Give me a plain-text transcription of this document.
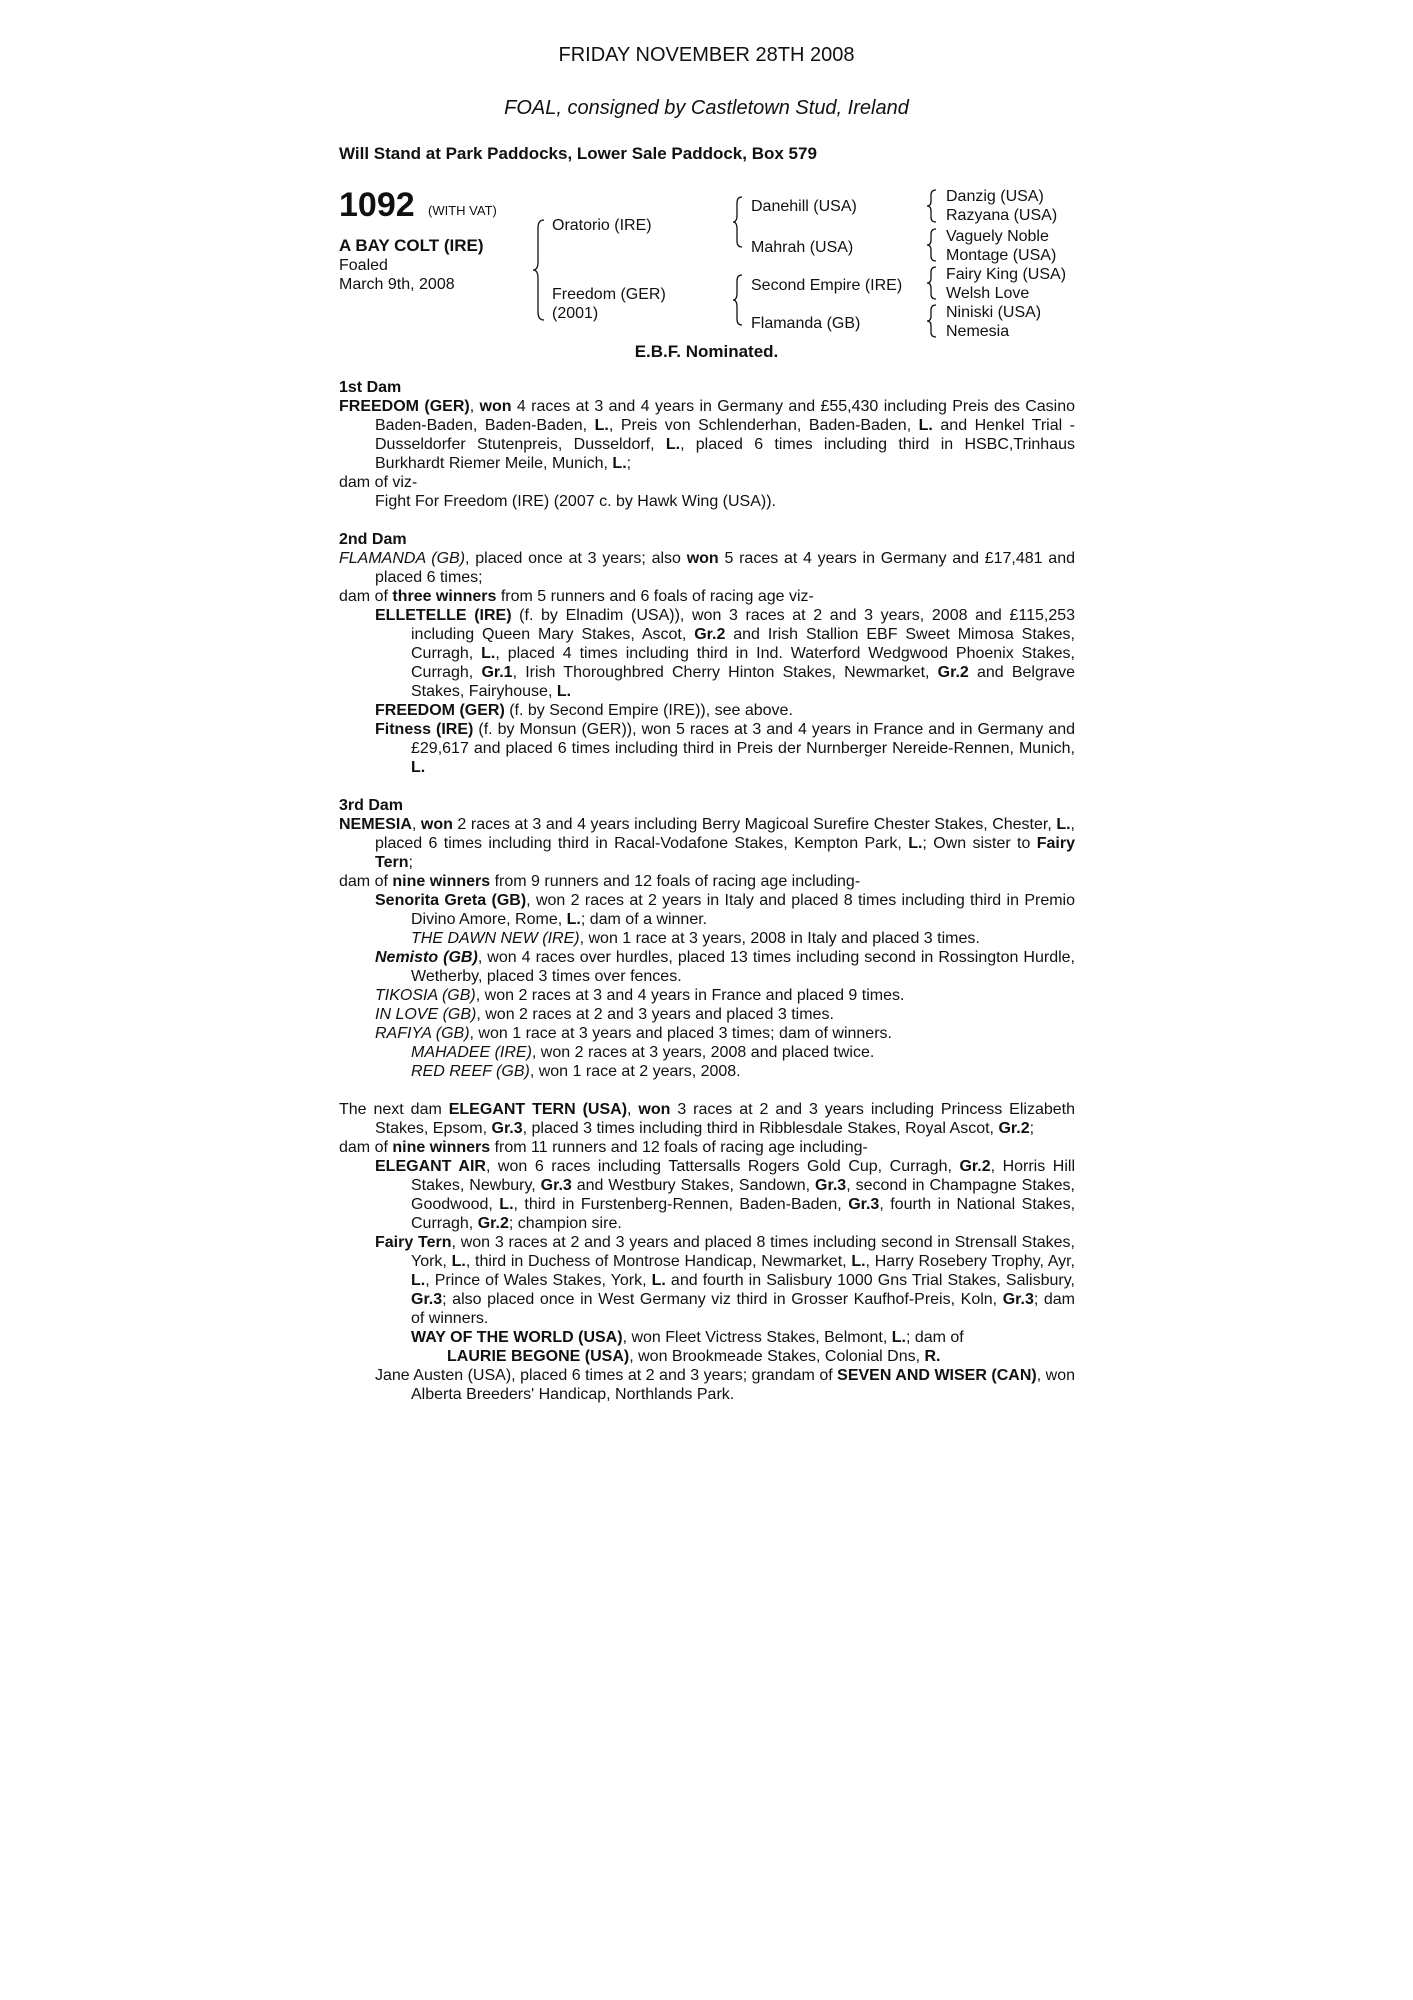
FRIDAY NOVEMBER 28TH 2008
FOAL, consigned by Castletown Stud, Ireland
Will Stand at Park Paddocks, Lower Sale Paddock, Box 579
1092 (WITH VAT)
A BAY COLT (IRE)
Foaled
March 9th, 2008
Oratorio (IRE)
Freedom (GER)
(2001)
Danehill (USA)
Mahrah (USA)
Second Empire (IRE)
Flamanda (GB)
Danzig (USA)
Razyana (USA)
Vaguely Noble
Montage (USA)
Fairy King (USA)
Welsh Love
Niniski (USA)
Nemesia
E.B.F. Nominated.
1st Dam

FREEDOM (GER), won 4 races at 3 and 4 years in Germany and £55,430 including Preis des Casino Baden-Baden, Baden-Baden, L., Preis von Schlenderhan, Baden-Baden, L. and Henkel Trial - Dusseldorfer Stutenpreis, Dusseldorf, L., placed 6 times including third in HSBC,Trinhaus Burkhardt Riemer Meile, Munich, L.;

dam of viz-

Fight For Freedom (IRE) (2007 c. by Hawk Wing (USA)).

2nd Dam

FLAMANDA (GB), placed once at 3 years; also won 5 races at 4 years in Germany and £17,481 and placed 6 times;

dam of three winners from 5 runners and 6 foals of racing age viz-

ELLETELLE (IRE) (f. by Elnadim (USA)), won 3 races at 2 and 3 years, 2008 and £115,253 including Queen Mary Stakes, Ascot, Gr.2 and Irish Stallion EBF Sweet Mimosa Stakes, Curragh, L., placed 4 times including third in Ind. Waterford Wedgwood Phoenix Stakes, Curragh, Gr.1, Irish Thoroughbred Cherry Hinton Stakes, Newmarket, Gr.2 and Belgrave Stakes, Fairyhouse, L.

FREEDOM (GER) (f. by Second Empire (IRE)), see above.

Fitness (IRE) (f. by Monsun (GER)), won 5 races at 3 and 4 years in France and in Germany and £29,617 and placed 6 times including third in Preis der Nurnberger Nereide-Rennen, Munich, L.

3rd Dam

NEMESIA, won 2 races at 3 and 4 years including Berry Magicoal Surefire Chester Stakes, Chester, L., placed 6 times including third in Racal-Vodafone Stakes, Kempton Park, L.; Own sister to Fairy Tern;

dam of nine winners from 9 runners and 12 foals of racing age including-

Senorita Greta (GB), won 2 races at 2 years in Italy and placed 8 times including third in Premio Divino Amore, Rome, L.; dam of a winner.

THE DAWN NEW (IRE), won 1 race at 3 years, 2008 in Italy and placed 3 times.

Nemisto (GB), won 4 races over hurdles, placed 13 times including second in Rossington Hurdle, Wetherby, placed 3 times over fences.

TIKOSIA (GB), won 2 races at 3 and 4 years in France and placed 9 times.

IN LOVE (GB), won 2 races at 2 and 3 years and placed 3 times.

RAFIYA (GB), won 1 race at 3 years and placed 3 times; dam of winners.

MAHADEE (IRE), won 2 races at 3 years, 2008 and placed twice.

RED REEF (GB), won 1 race at 2 years, 2008.

The next dam ELEGANT TERN (USA), won 3 races at 2 and 3 years including Princess Elizabeth Stakes, Epsom, Gr.3, placed 3 times including third in Ribblesdale Stakes, Royal Ascot, Gr.2;

dam of nine winners from 11 runners and 12 foals of racing age including-

ELEGANT AIR, won 6 races including Tattersalls Rogers Gold Cup, Curragh, Gr.2, Horris Hill Stakes, Newbury, Gr.3 and Westbury Stakes, Sandown, Gr.3, second in Champagne Stakes, Goodwood, L., third in Furstenberg-Rennen, Baden-Baden, Gr.3, fourth in National Stakes, Curragh, Gr.2; champion sire.

Fairy Tern, won 3 races at 2 and 3 years and placed 8 times including second in Strensall Stakes, York, L., third in Duchess of Montrose Handicap, Newmarket, L., Harry Rosebery Trophy, Ayr, L., Prince of Wales Stakes, York, L. and fourth in Salisbury 1000 Gns Trial Stakes, Salisbury, Gr.3; also placed once in West Germany viz third in Grosser Kaufhof-Preis, Koln, Gr.3; dam of winners.

WAY OF THE WORLD (USA), won Fleet Victress Stakes, Belmont, L.; dam of

LAURIE BEGONE (USA), won Brookmeade Stakes, Colonial Dns, R.

Jane Austen (USA), placed 6 times at 2 and 3 years; grandam of SEVEN AND WISER (CAN), won Alberta Breeders' Handicap, Northlands Park.
